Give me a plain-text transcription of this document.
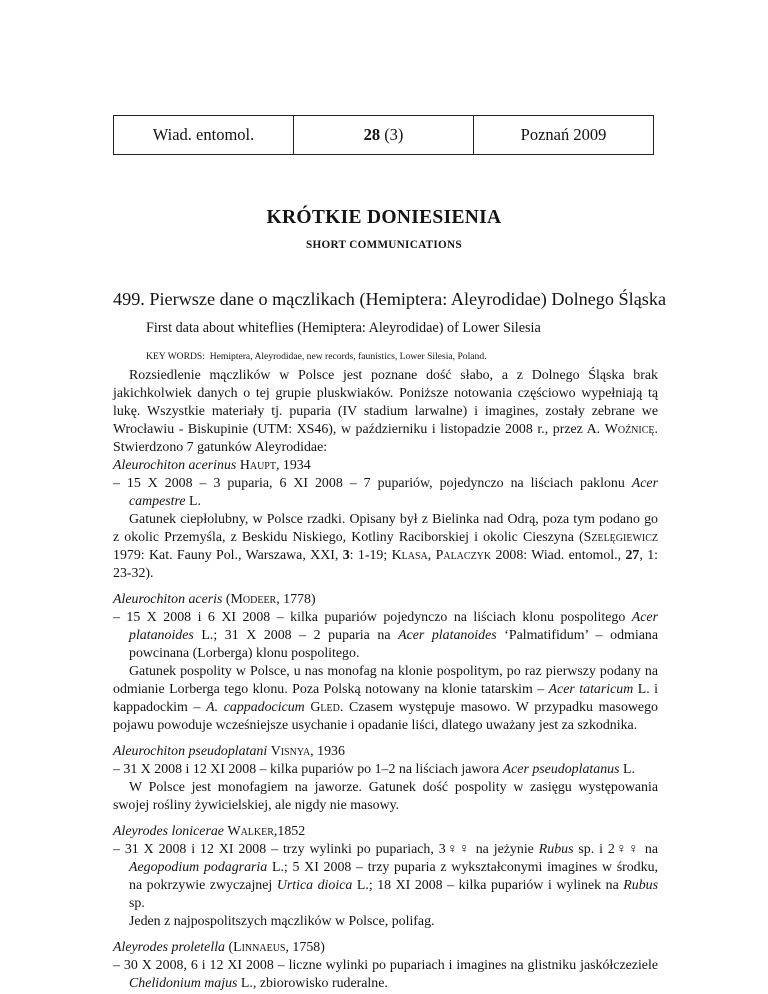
Wiad. entomol.	28
(3)	Poznań 2009
KRÓTKIE DONIESIENIA
SHORT COMMUNICATIONS
499. Pierwsze dane o mączlikach (Hemiptera: Aleyrodidae) Dolnego Śląska
First data about whiteflies (Hemiptera: Aleyrodidae) of Lower Silesia
KEY WORDS: Hemiptera, Aleyrodidae, new records, faunistics, Lower Silesia, Poland.

Rozsiedlenie mączlików w Polsce jest poznane dość słabo, a z Dolnego Śląska brak jakichkolwiek danych o tej grupie pluskwiaków. Poniższe notowania częściowo wypełniają tą lukę. Wszystkie materiały tj. puparia (IV stadium larwalne) i imagines, zostały zebrane we Wrocławiu - Biskupinie (UTM: XS46), w październiku i listopadzie 2008 r., przez A. Woźnicę. Stwierdzono 7 gatunków Aleyrodidae:

Aleurochiton acerinus Haupt, 1934

– 15 X 2008 – 3 puparia, 6 XI 2008 – 7 pupariów, pojedynczo na liściach paklonu Acer campestre L.

Gatunek ciepłolubny, w Polsce rzadki. Opisany był z Bielinka nad Odrą, poza tym podano go z okolic Przemyśla, z Beskidu Niskiego, Kotliny Raciborskiej i okolic Cieszyna (Szelęgiewicz 1979: Kat. Fauny Pol., Warszawa, XXI, 3: 1-19; Klasa, Palaczyk 2008: Wiad. entomol., 27, 1: 23-32).

Aleurochiton aceris (Modeer, 1778)

– 15 X 2008 i 6 XI 2008 – kilka pupariów pojedynczo na liściach klonu pospolitego Acer platanoides L.; 31 X 2008 – 2 puparia na Acer platanoides ‘Palmatifidum’ – odmiana powcinana (Lorberga) klonu pospolitego.

Gatunek pospolity w Polsce, u nas monofag na klonie pospolitym, po raz pierwszy podany na odmianie Lorberga tego klonu. Poza Polską notowany na klonie tatarskim – Acer tataricum L. i kappadockim – A. cappadocicum Gled. Czasem występuje masowo. W przypadku masowego pojawu powoduje wcześniejsze usychanie i opadanie liści, dlatego uważany jest za szkodnika.

Aleurochiton pseudoplatani Visnya, 1936

– 31 X 2008 i 12 XI 2008 – kilka pupariów po 1–2 na liściach jawora Acer pseudoplatanus L.

W Polsce jest monofagiem na jaworze. Gatunek dość pospolity w zasięgu występowania swojej rośliny żywicielskiej, ale nigdy nie masowy.

Aleyrodes lonicerae Walker,1852

– 31 X 2008 i 12 XI 2008 – trzy wylinki po pupariach, 3♀♀ na jeżynie Rubus sp. i 2♀♀ na Aegopodium podagraria L.; 5 XI 2008 – trzy puparia z wykształconymi imagines w środku, na pokrzywie zwyczajnej Urtica dioica L.; 18 XI 2008 – kilka pupariów i wylinek na Rubus sp.

Jeden z najpospolitszych mączlików w Polsce, polifag.

Aleyrodes proletella (Linnaeus, 1758)

– 30 X 2008, 6 i 12 XI 2008 – liczne wylinki po pupariach i imagines na glistniku jaskółczeziele Chelidonium majus L., zbiorowisko ruderalne.
